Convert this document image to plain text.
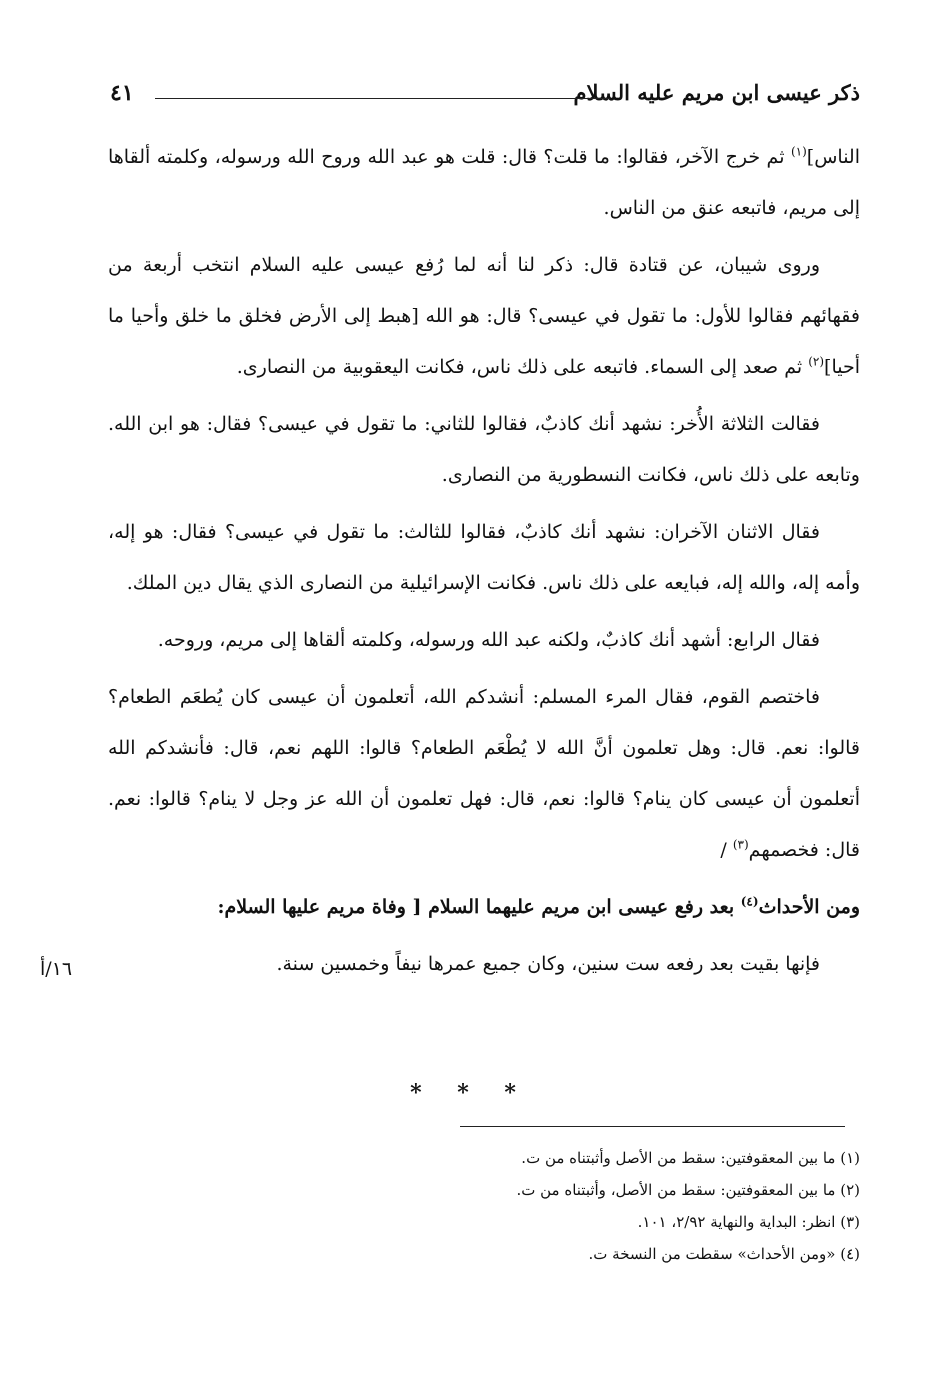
ذكر عيسى ابن مريم عليه السلام
٤١

الناس]$^{(١)}$ ثم خرج الآخر، فقالوا: ما قلت؟ قال: قلت هو عبد الله وروح الله ورسوله، وكلمته ألقاها إلى مريم، فاتبعه عنق من الناس.

وروى شيبان، عن قتادة قال: ذكر لنا أنه لما رُفع عيسى عليه السلام انتخب أربعة من فقهائهم فقالوا للأول: ما تقول في عيسى؟ قال: هو الله [هبط إلى الأرض فخلق ما خلق وأحيا ما أحيا]$^{(٢)}$ ثم صعد إلى السماء. فاتبعه على ذلك ناس، فكانت اليعقوبية من النصارى.

فقالت الثلاثة الأُخر: نشهد أنك كاذبٌ، فقالوا للثاني: ما تقول في عيسى؟ فقال: هو ابن الله. وتابعه على ذلك ناس، فكانت النسطورية من النصارى.

فقال الاثنان الآخران: نشهد أنك كاذبٌ، فقالوا للثالث: ما تقول في عيسى؟ فقال: هو إله، وأمه إله، والله إله، فبايعه على ذلك ناس. فكانت الإسرائيلية من النصارى الذي يقال دين الملك.

فقال الرابع: أشهد أنك كاذبٌ، ولكنه عبد الله ورسوله، وكلمته ألقاها إلى مريم، وروحه.

فاختصم القوم، فقال المرء المسلم: أنشدكم الله، أتعلمون أن عيسى كان يُطعَم الطعام؟ قالوا: نعم. قال: وهل تعلمون أنَّ الله لا يُطْعَم الطعام؟ قالوا: اللهم نعم، قال: فأنشدكم الله أتعلمون أن عيسى كان ينام؟ قالوا: نعم، قال: فهل تعلمون أن الله عز وجل لا ينام؟ قالوا: نعم. قال: فخصمهم$^{(٣)}$ /

ومن الأحداث$^{(٤)}$ بعد رفع عيسى ابن مريم عليهما السلام [ وفاة مريم عليها السلام:

فإنها بقيت بعد رفعه ست سنين، وكان جميع عمرها نيفاً وخمسين سنة.

١٦/أ
* * *

(١) ما بين المعقوفتين: سقط من الأصل وأثبتناه من ت.

(٢) ما بين المعقوفتين: سقط من الأصل، وأثبتناه من ت.

(٣) انظر: البداية والنهاية ٢/٩٢، ١٠١.

(٤) «ومن الأحداث» سقطت من النسخة ت.
